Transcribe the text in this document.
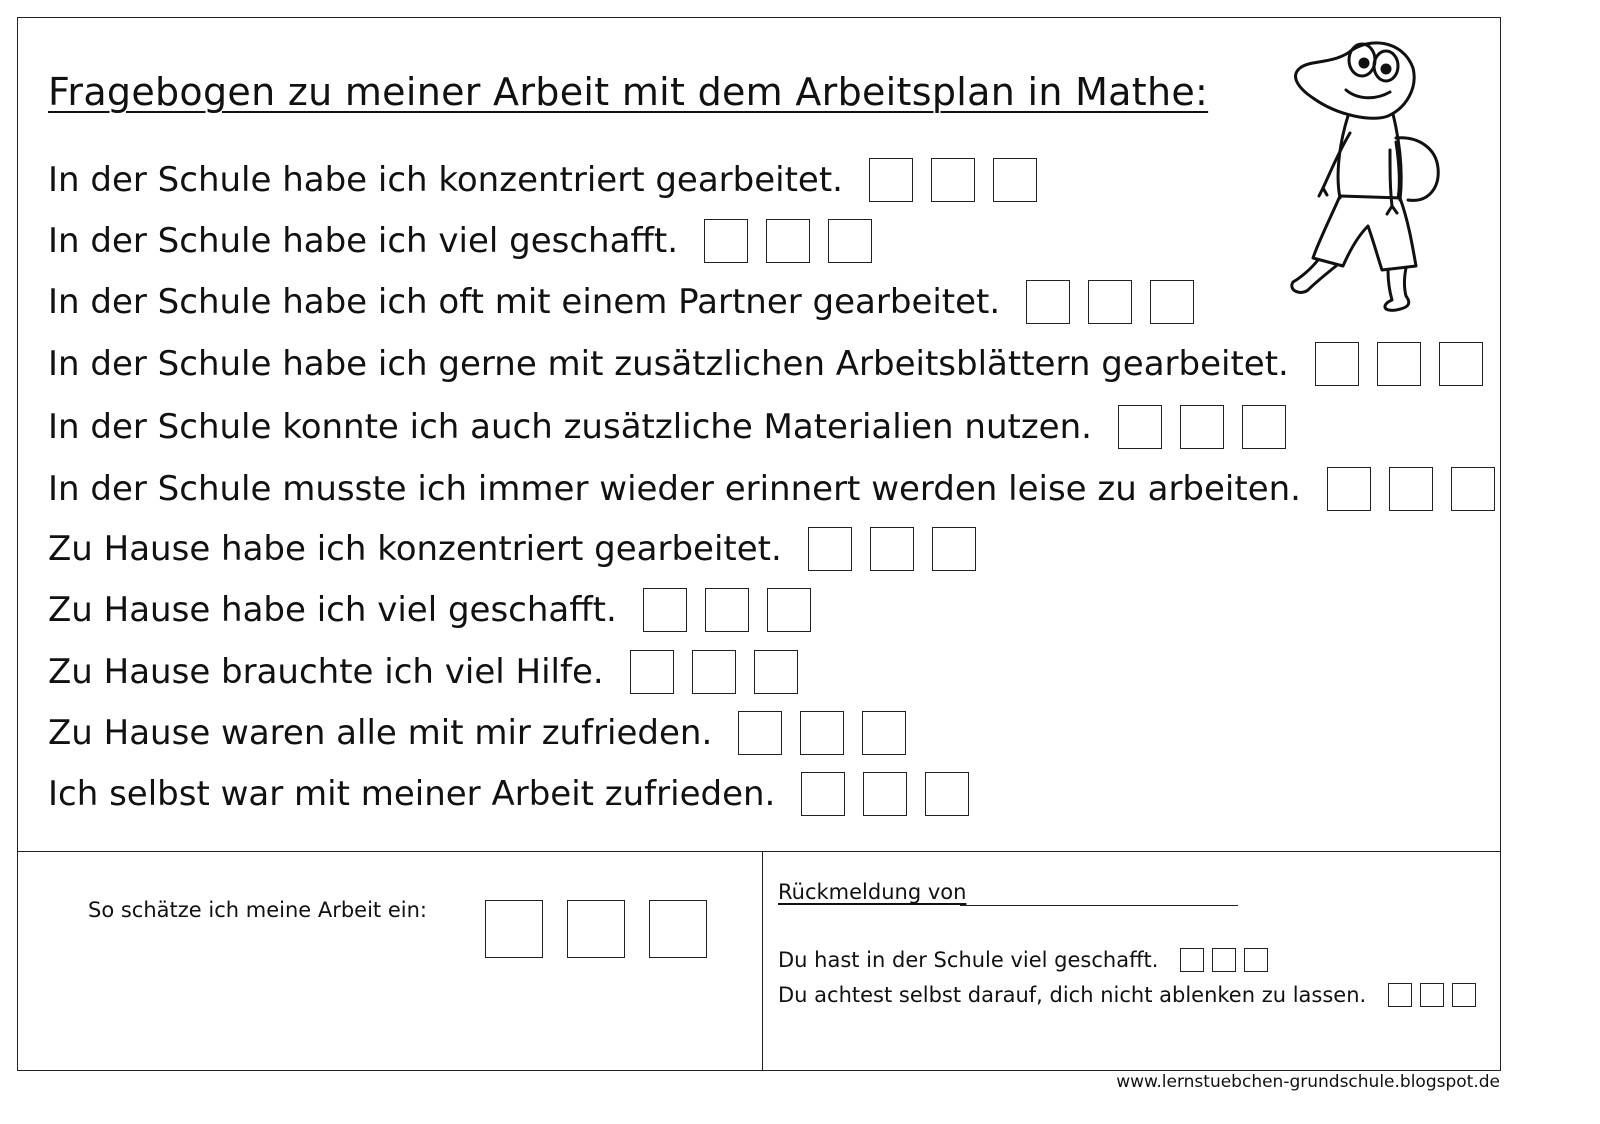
Fragebogen zu meiner Arbeit mit dem Arbeitsplan in Mathe:
In der Schule habe ich konzentriert gearbeitet.
In der Schule habe ich viel geschafft.
In der Schule habe ich oft mit einem Partner gearbeitet.
In der Schule habe ich gerne mit zusätzlichen Arbeitsblättern gearbeitet.
In der Schule konnte ich auch zusätzliche Materialien nutzen.
In der Schule musste ich immer wieder erinnert werden leise zu arbeiten.
Zu Hause habe ich konzentriert gearbeitet.
Zu Hause habe ich viel geschafft.
Zu Hause brauchte ich viel Hilfe.
Zu Hause waren alle mit mir zufrieden.
Ich selbst war mit meiner Arbeit zufrieden.
So schätze ich meine Arbeit ein:
Rückmeldung von
Du hast in der Schule viel geschafft.
Du achtest selbst darauf, dich nicht ablenken zu lassen.
www.lernstuebchen-grundschule.blogspot.de
